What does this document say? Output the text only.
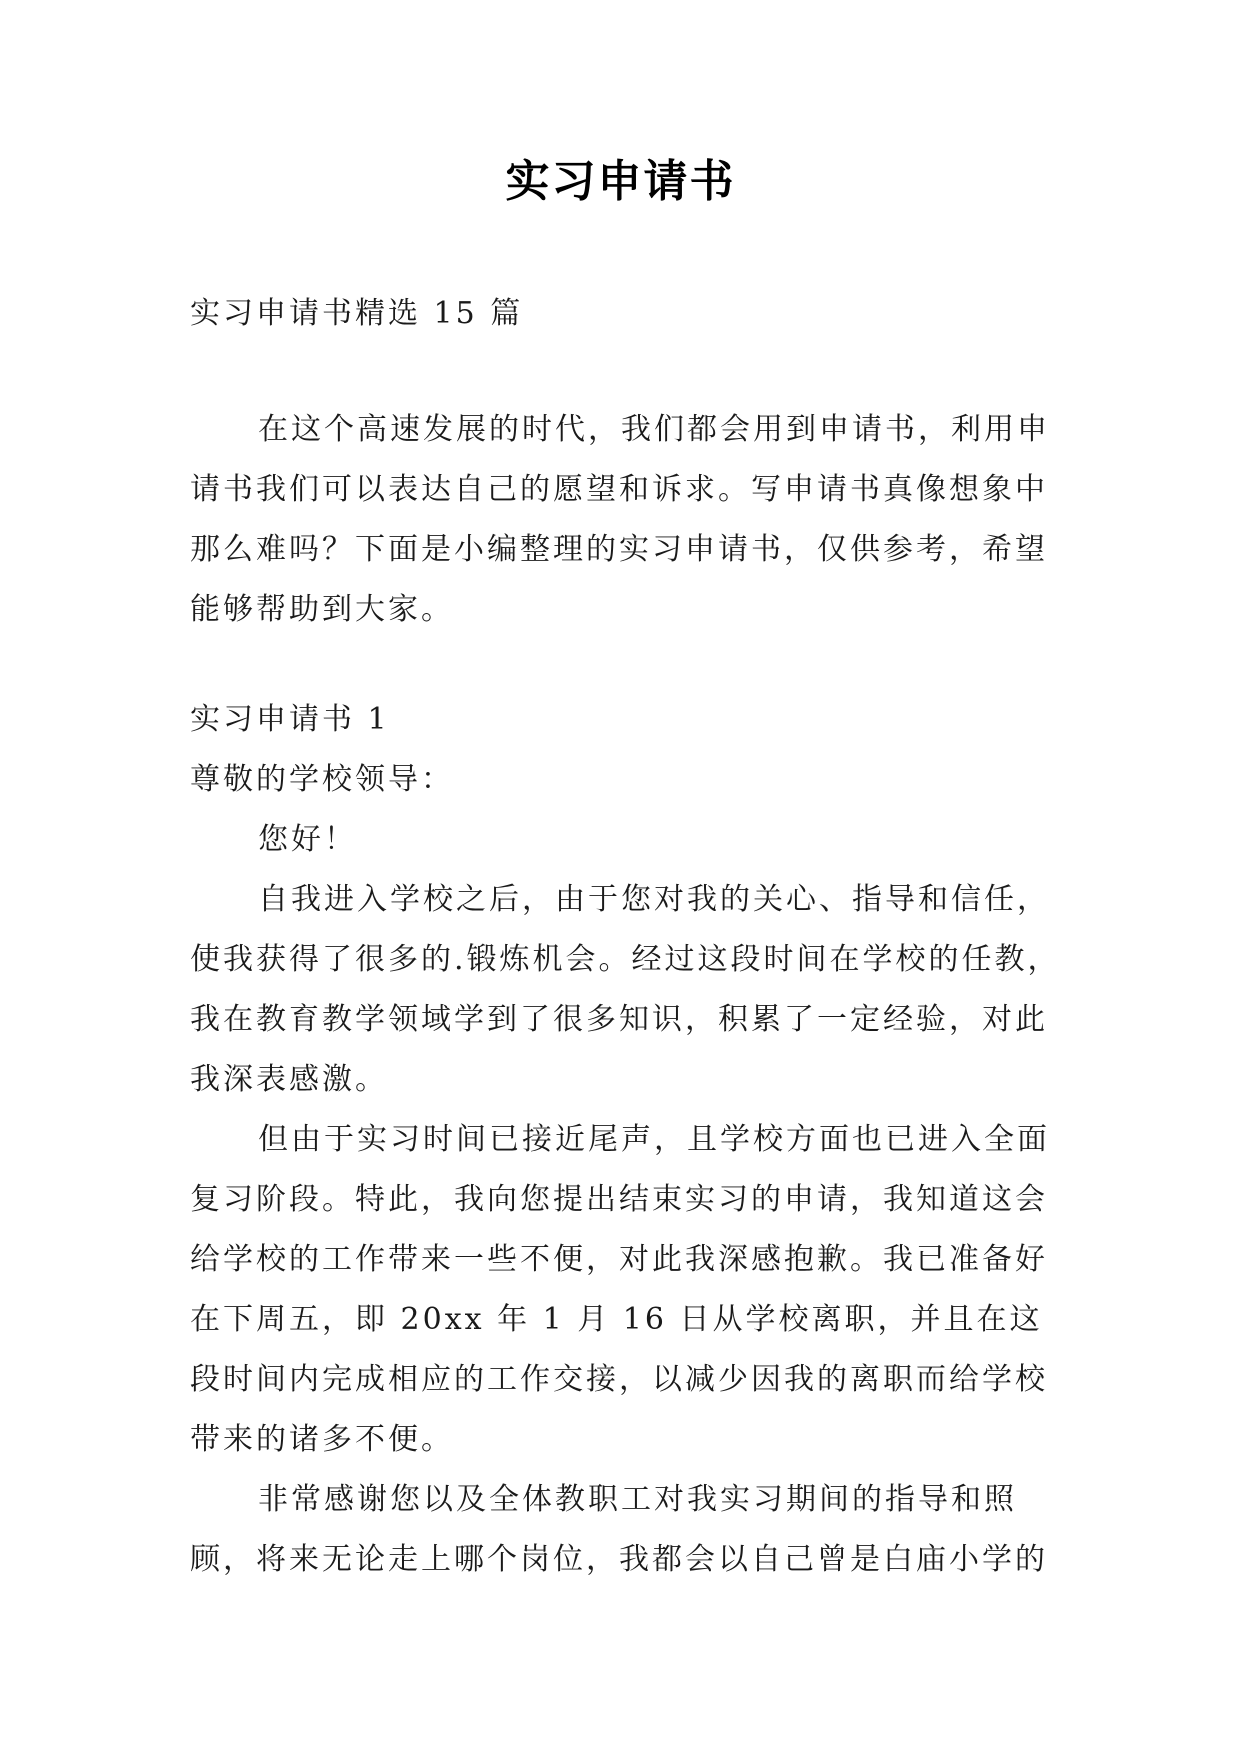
实习申请书
实习申请书精选 15 篇
在这个高速发展的时代，我们都会用到申请书，利用申请书我们可以表达自己的愿望和诉求。写申请书真像想象中那么难吗？下面是小编整理的实习申请书，仅供参考，希望能够帮助到大家。

实习申请书 1

尊敬的学校领导：

您好！

自我进入学校之后，由于您对我的关心、指导和信任，使我获得了很多的.锻炼机会。经过这段时间在学校的任教，我在教育教学领域学到了很多知识，积累了一定经验，对此我深表感激。

但由于实习时间已接近尾声，且学校方面也已进入全面复习阶段。特此，我向您提出结束实习的申请，我知道这会给学校的工作带来一些不便，对此我深感抱歉。我已准备好在下周五，即 20xx 年 1 月 16 日从学校离职，并且在这段时间内完成相应的工作交接，以减少因我的离职而给学校带来的诸多不便。

非常感谢您以及全体教职工对我实习期间的指导和照顾，将来无论走上哪个岗位，我都会以自己曾是白庙小学的
